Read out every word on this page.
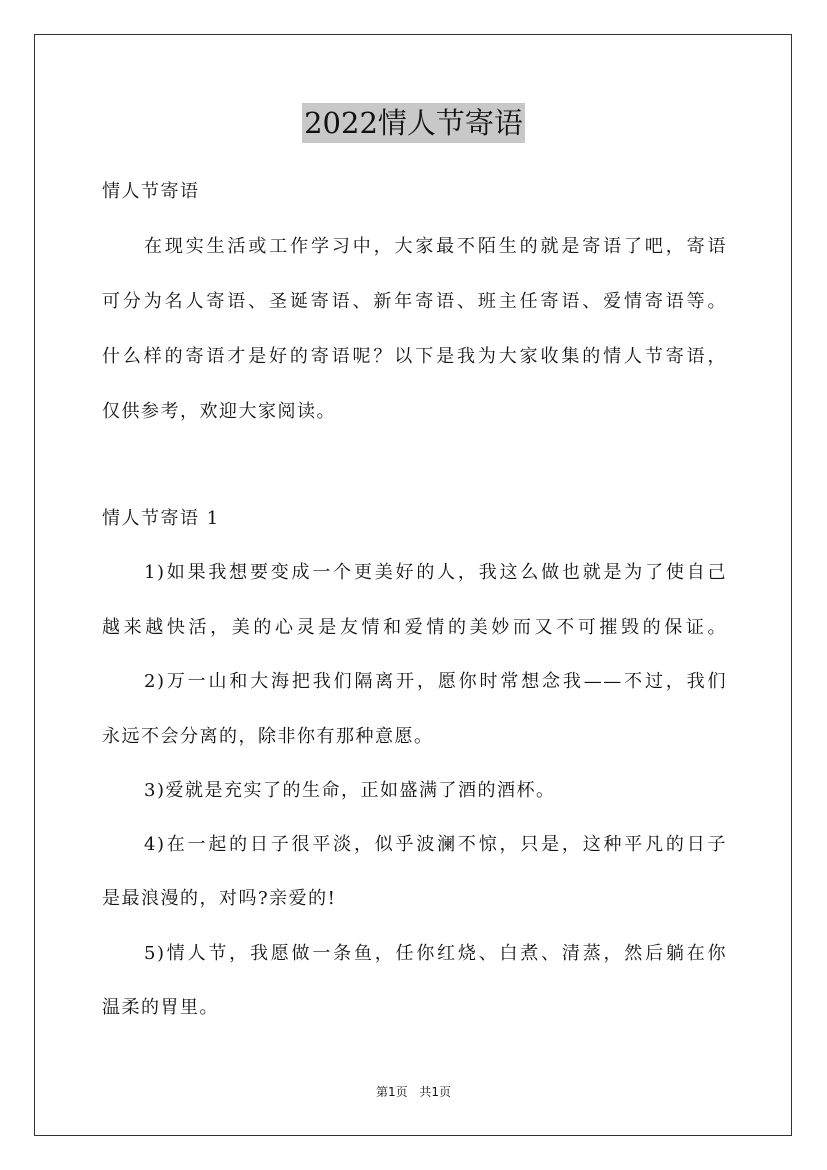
2022情人节寄语
情人节寄语
在现实生活或工作学习中，大家最不陌生的就是寄语了吧，寄语
可分为名人寄语、圣诞寄语、新年寄语、班主任寄语、爱情寄语等。
什么样的寄语才是好的寄语呢？以下是我为大家收集的情人节寄语，
仅供参考，欢迎大家阅读。
情人节寄语 1
1)如果我想要变成一个更美好的人，我这么做也就是为了使自己
越来越快活，美的心灵是友情和爱情的美妙而又不可摧毁的保证。
2)万一山和大海把我们隔离开，愿你时常想念我——不过，我们
永远不会分离的，除非你有那种意愿。
3)爱就是充实了的生命，正如盛满了酒的酒杯。
4)在一起的日子很平淡，似乎波澜不惊，只是，这种平凡的日子
是最浪漫的，对吗?亲爱的!
5)情人节，我愿做一条鱼，任你红烧、白煮、清蒸，然后躺在你
温柔的胃里。
第1页 共1页
